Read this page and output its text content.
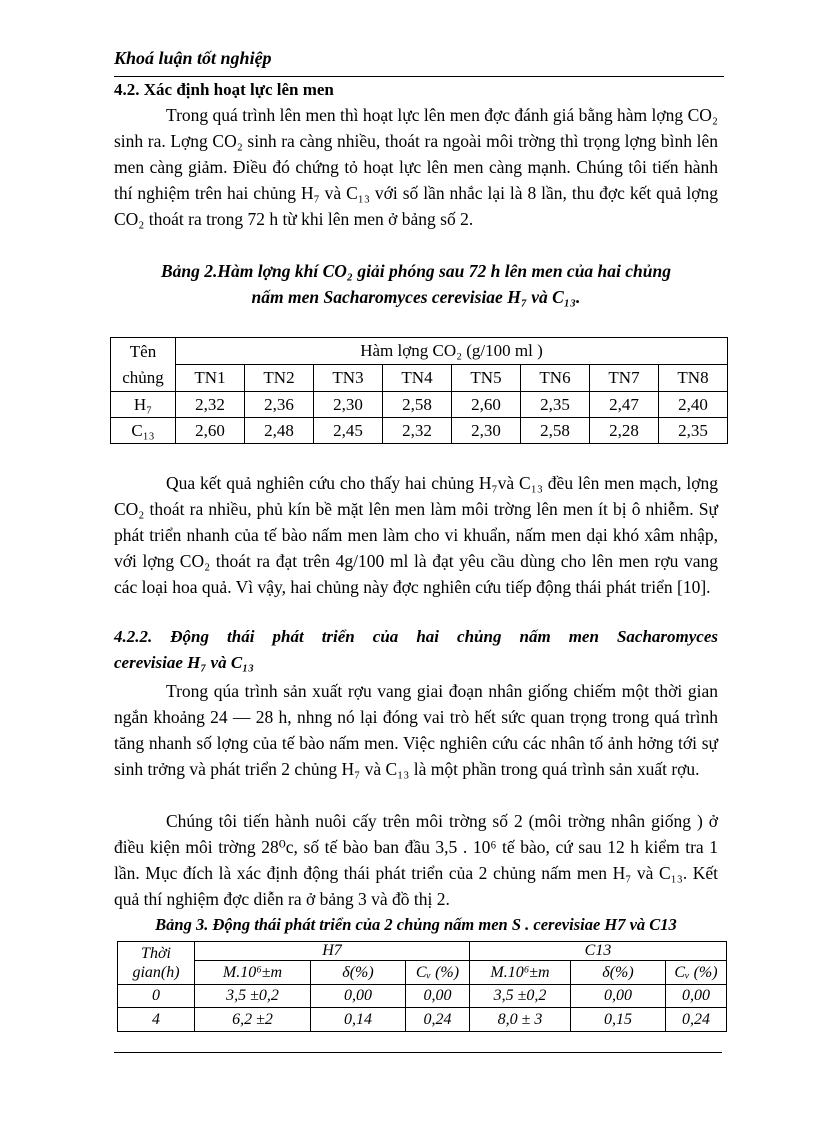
Khoá luận tốt nghiệp
4.2. Xác định hoạt lực lên men

Trong quá trình lên men thì hoạt lực lên men đợc đánh giá bằng hàm lợng CO₂ sinh ra. Lợng CO₂ sinh ra càng nhiều, thoát ra ngoài môi trờng thì trọng lợng bình lên men càng giảm. Điều đó chứng tỏ hoạt lực lên men càng mạnh. Chúng tôi tiến hành thí nghiệm trên hai chủng H₇ và C₁₃ với số lần nhắc lại là 8 lần, thu đợc kết quả lợng CO₂ thoát ra trong 72 h từ khi lên men ở bảng số 2.

Bảng 2.Hàm lợng khí CO₂ giải phóng sau 72 h lên men của hai chủng
nấm men Sacharomyces cerevisiae H₇ và C₁₃.
Tên
chủng	Hàm lợng CO₂ (g/100 ml )							
	TN1	TN2	TN3	TN4	TN5	TN6	TN7	TN8
H₇	2,32	2,36	2,30	2,58	2,60	2,35	2,47	2,40
C₁₃	2,60	2,48	2,45	2,32	2,30	2,58	2,28	2,35

Qua kết quả nghiên cứu cho thấy hai chủng H₇và C₁₃ đều lên men mạch, lợng CO₂ thoát ra nhiều, phủ kín bề mặt lên men làm môi trờng lên men ít bị ô nhiễm. Sự phát triển nhanh của tế bào nấm men làm cho vi khuẩn, nấm men dại khó xâm nhập, với lợng CO₂ thoát ra đạt trên 4g/100 ml là đạt yêu cầu dùng cho lên men rợu vang các loại hoa quả. Vì vậy, hai chủng này đợc nghiên cứu tiếp động thái phát triển [10].

4.2.2. Động thái phát triển của hai chủng nấm men Sacharomyces
cerevisiae H₇ và C₁₃

Trong qúa trình sản xuất rợu vang giai đoạn nhân giống chiếm một thời gian ngắn khoảng 24 — 28 h, nhng nó lại đóng vai trò hết sức quan trọng trong quá trình tăng nhanh số lợng của tế bào nấm men. Việc nghiên cứu các nhân tố ảnh hởng tới sự sinh trởng và phát triển 2 chủng H₇ và C₁₃ là một phần trong quá trình sản xuất rợu.

Chúng tôi tiến hành nuôi cấy trên môi trờng số 2 (môi trờng nhân giống ) ở điều kiện môi trờng 28⁰c, số tế bào ban đầu 3,5 . 10⁶ tế bào, cứ sau 12 h kiểm tra 1 lần. Mục đích là xác định động thái phát triển của 2 chủng nấm men H₇ và C₁₃. Kết quả thí nghiệm đợc diễn ra ở bảng 3 và đồ thị 2.

Bảng 3. Động thái phát triển của 2 chủng nấm men S . cerevisiae H7 và C13
Thời
gian(h)	H7			C13		
	M.10⁶±m	δ(%)	Cᵥ (%)	M.10⁶±m	δ(%)	Cᵥ (%)
0	3,5 ±0,2	0,00	0,00	3,5 ±0,2	0,00	0,00
4	6,2 ±2	0,14	0,24	8,0 ± 3	0,15	0,24
